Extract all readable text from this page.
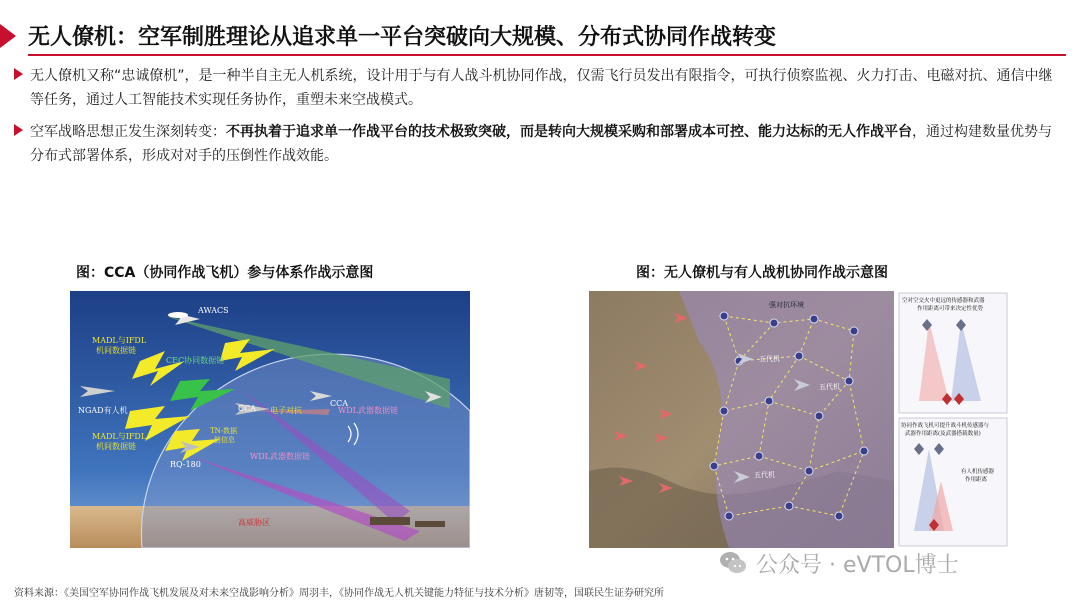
无人僚机：空军制胜理论从追求单一平台突破向大规模、分布式协同作战转变
无人僚机又称“忠诚僚机”，是一种半自主无人机系统，设计用于与有人战斗机协同作战，仅需飞行员发出有限指令，可执行侦察监视、火力打击、电磁对抗、通信中继等任务，通过人工智能技术实现任务协作，重塑未来空战模式。
空军战略思想正发生深刻转变：不再执着于追求单一作战平台的技术极致突破，而是转向大规模采购和部署成本可控、能力达标的无人作战平台，通过构建数量优势与分布式部署体系，形成对对手的压倒性作战效能。
图：CCA（协同作战飞机）参与体系作战示意图	图：无人僚机与有人战机协同作战示意图
AWACS
MADL与IFDL
机间数据链
CEC协同数据链
NGAD有人机
MADL与IFDL
机间数据链
CCA
CCA
电子对抗	WDL武器数据链
TN-数据
链信息
WDL武器数据链
RQ-180
高威胁区
强对抗环境
五代机
五代机
五代机
空对空交火中更远的传感器和武器
作用距离可带来决定性优势
协同作战飞机可提升战斗机传感器与
武器作用距离(及武器搭载数量)
有人机传感器
作用距离
资料来源：《美国空军协同作战飞机发展及对未来空战影响分析》周羽丰，《协同作战无人机关键能力特征与技术分析》唐韧等，国联民生证券研究所
公众号 · eVTOL博士
